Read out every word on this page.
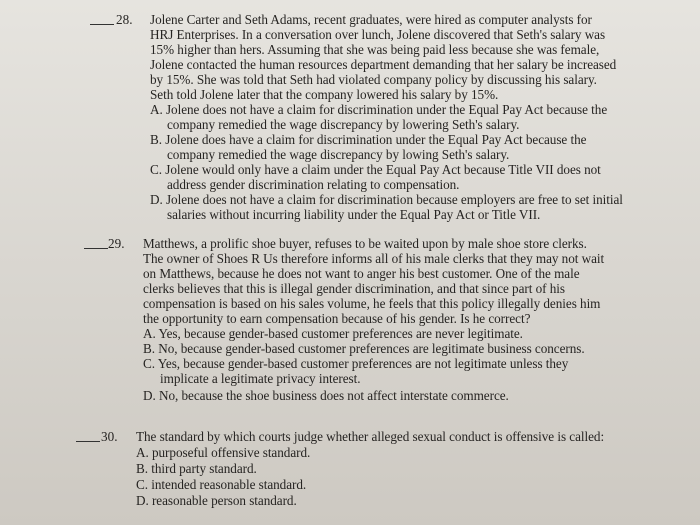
28. Jolene Carter and Seth Adams, recent graduates, were hired as computer analysts for
HRJ Enterprises. In a conversation over lunch, Jolene discovered that Seth's salary was
15% higher than hers. Assuming that she was being paid less because she was female,
Jolene contacted the human resources department demanding that her salary be increased
by 15%. She was told that Seth had violated company policy by discussing his salary.
Seth told Jolene later that the company lowered his salary by 15%.
A. Jolene does not have a claim for discrimination under the Equal Pay Act because the
company remedied the wage discrepancy by lowering Seth's salary.
B. Jolene does have a claim for discrimination under the Equal Pay Act because the
company remedied the wage discrepancy by lowing Seth's salary.
C. Jolene would only have a claim under the Equal Pay Act because Title VII does not
address gender discrimination relating to compensation.
D. Jolene does not have a claim for discrimination because employers are free to set initial
salaries without incurring liability under the Equal Pay Act or Title VII.
29. Matthews, a prolific shoe buyer, refuses to be waited upon by male shoe store clerks.
The owner of Shoes R Us therefore informs all of his male clerks that they may not wait
on Matthews, because he does not want to anger his best customer. One of the male
clerks believes that this is illegal gender discrimination, and that since part of his
compensation is based on his sales volume, he feels that this policy illegally denies him
the opportunity to earn compensation because of his gender. Is he correct?
A. Yes, because gender-based customer preferences are never legitimate.
B. No, because gender-based customer preferences are legitimate business concerns.
C. Yes, because gender-based customer preferences are not legitimate unless they
implicate a legitimate privacy interest.
D. No, because the shoe business does not affect interstate commerce.
30. The standard by which courts judge whether alleged sexual conduct is offensive is called:
A. purposeful offensive standard.
B. third party standard.
C. intended reasonable standard.
D. reasonable person standard.
